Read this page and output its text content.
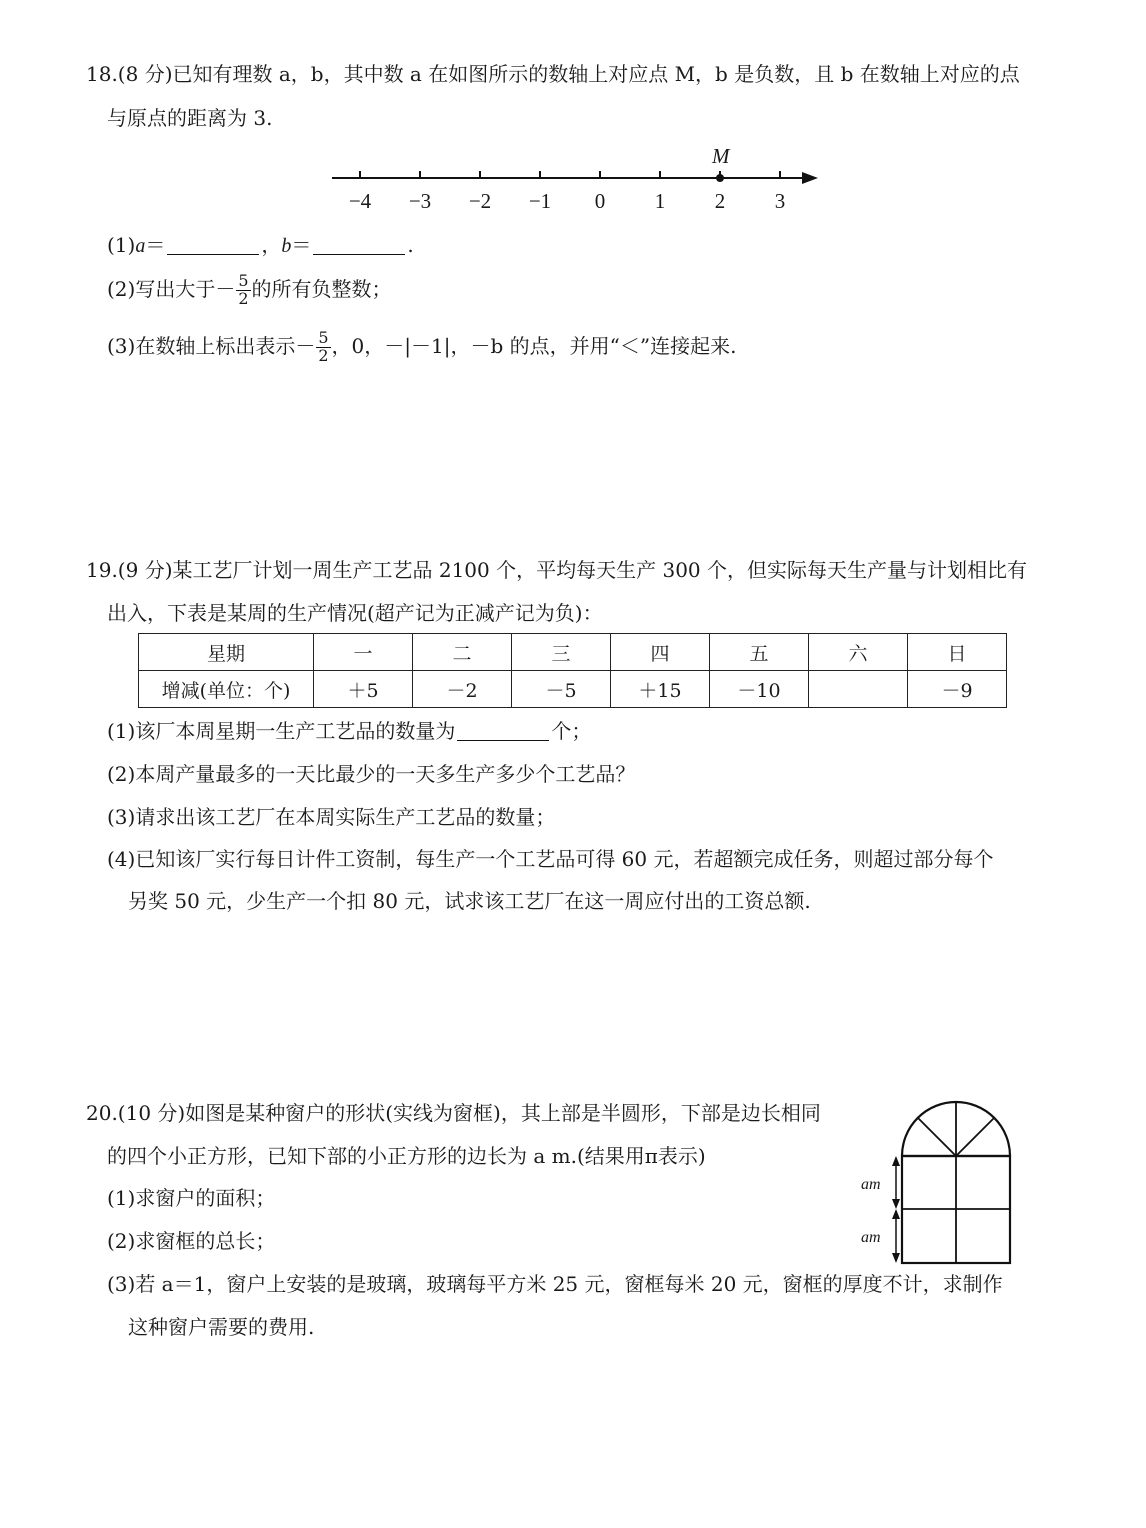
18.(8 分)已知有理数 a，b，其中数 a 在如图所示的数轴上对应点 M，b 是负数，且 b 在数轴上对应的点
与原点的距离为 3.
−4 −3 −2 −1 0 1 2 3
M
(1)a＝	，b＝	.
(2)写出大于－ $\frac{5}{2}$ 的所有负整数；
(3)在数轴上标出表示－ $\frac{5}{2}$ ，0，－|－1|，－b 的点，并用“＜”连接起来.
19.(9 分)某工艺厂计划一周生产工艺品 2100 个，平均每天生产 300 个，但实际每天生产量与计划相比有
出入，下表是某周的生产情况(超产记为正减产记为负)：
星期	一	二	三	四	五	六	日
增减(单位：个)	＋5	－2	－5	＋15	－10		－9
(1)该厂本周星期一生产工艺品的数量为	个；
(2)本周产量最多的一天比最少的一天多生产多少个工艺品？
(3)请求出该工艺厂在本周实际生产工艺品的数量；
(4)已知该厂实行每日计件工资制，每生产一个工艺品可得 60 元，若超额完成任务，则超过部分每个
另奖 50 元，少生产一个扣 80 元，试求该工艺厂在这一周应付出的工资总额.
20.(10 分)如图是某种窗户的形状(实线为窗框)，其上部是半圆形，下部是边长相同
的四个小正方形，已知下部的小正方形的边长为 a m.(结果用π表示)
(1)求窗户的面积；
(2)求窗框的总长；
(3)若 a＝1，窗户上安装的是玻璃，玻璃每平方米 25 元，窗框每米 20 元，窗框的厚度不计，求制作
这种窗户需要的费用.
am
am
